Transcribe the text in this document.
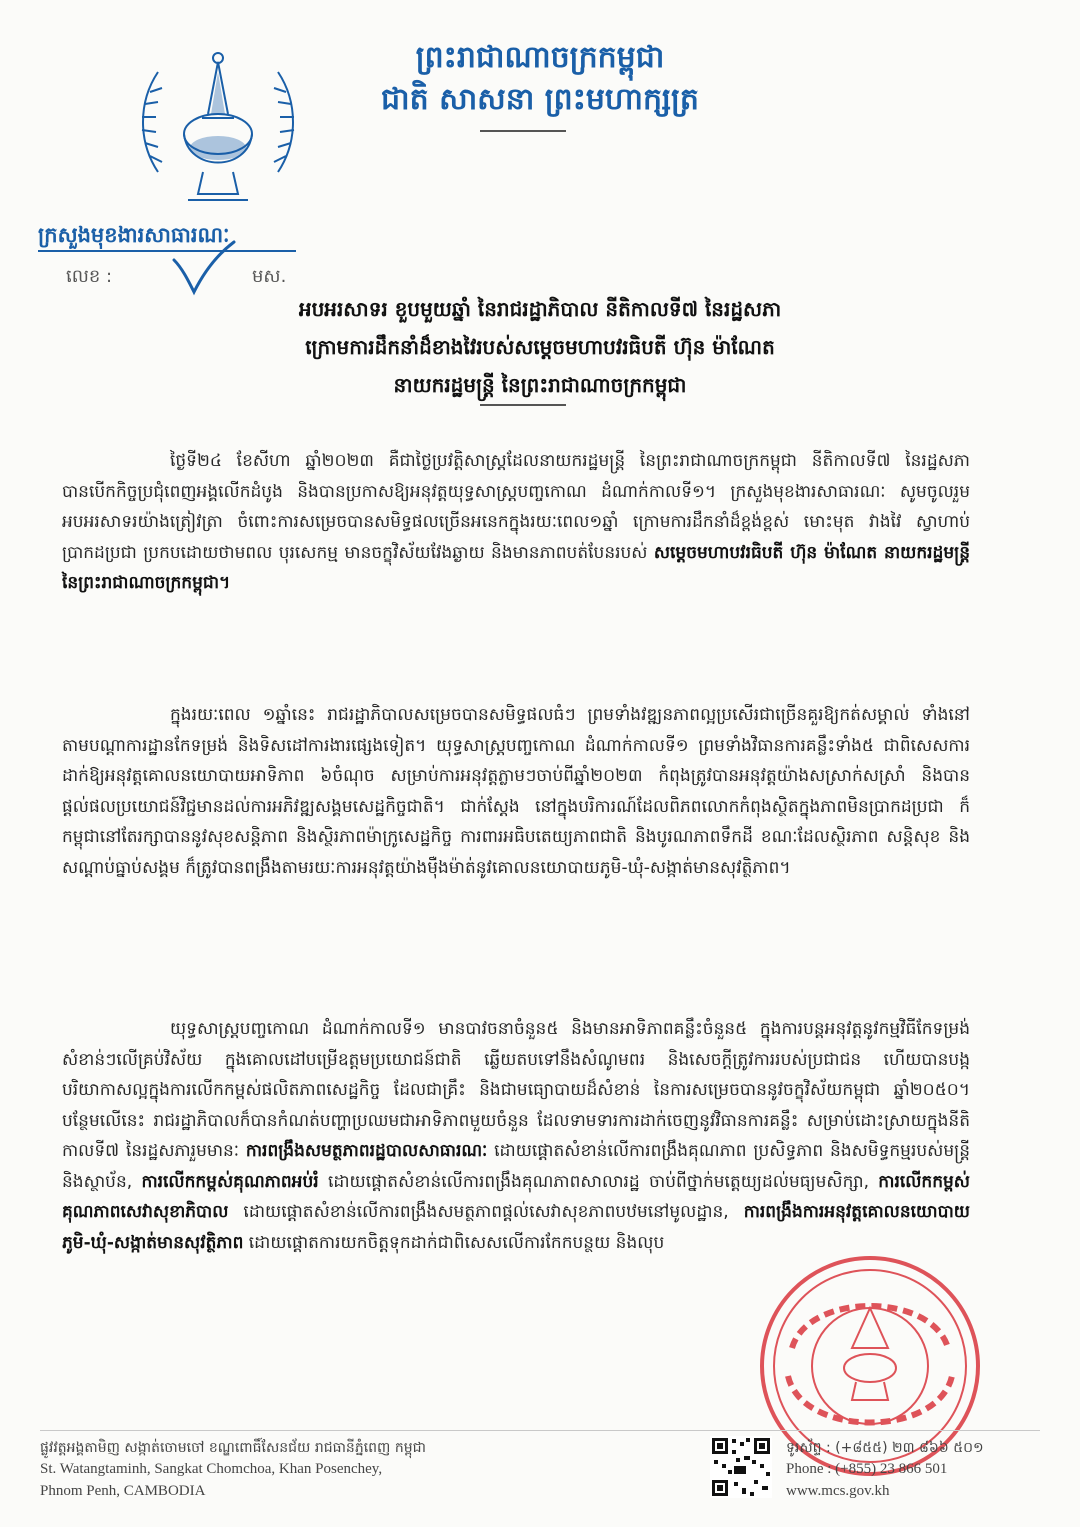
ព្រះរាជាណាចក្រកម្ពុជា
ជាតិ សាសនា ព្រះមហាក្សត្រ
ក្រសួងមុខងារសាធារណៈ
លេខ :	មស.
អបអរសាទរ ខួបមួយឆ្នាំ នៃរាជរដ្ឋាភិបាល នីតិកាលទី៧ នៃរដ្ឋសភា
ក្រោមការដឹកនាំដ៏ខាងវៃរបស់សម្តេចមហាបវរធិបតី ហ៊ុន ម៉ាណែត
នាយករដ្ឋមន្ត្រី នៃព្រះរាជាណាចក្រកម្ពុជា
ថ្ងៃទី២៤ ខែសីហា ឆ្នាំ២០២៣ គឺជាថ្ងៃប្រវត្តិសាស្ត្រដែលនាយករដ្ឋមន្ត្រី នៃព្រះរាជាណាចក្រកម្ពុជា នីតិកាលទី៧ នៃរដ្ឋសភា បានបើកកិច្ចប្រជុំពេញអង្គលើកដំបូង និងបានប្រកាសឱ្យអនុវត្តយុទ្ធសាស្ត្របញ្ចកោណ ដំណាក់កាលទី១។ ក្រសួងមុខងារសាធារណៈ សូមចូលរួមអបអរសាទរយ៉ាងត្រៀវត្រា ចំពោះការសម្រេចបានសមិទ្ធផលច្រើនអនេកក្នុងរយៈពេល១ឆ្នាំ ក្រោមការដឹកនាំដ៏ខ្ពង់ខ្ពស់ មោះមុត វាងវៃ ស្វាហាប់ ប្រាកដប្រជា ប្រកបដោយថាមពល បុរសេកម្ម មានចក្ខុវិស័យវែងឆ្ងាយ និងមានភាពបត់បែនរបស់ សម្តេចមហាបវរធិបតី ហ៊ុន ម៉ាណែត នាយករដ្ឋមន្ត្រី នៃព្រះរាជាណាចក្រកម្ពុជា។
ក្នុងរយៈពេល ១ឆ្នាំនេះ រាជរដ្ឋាភិបាលសម្រេចបានសមិទ្ធផលធំៗ ព្រមទាំងវឌ្ឍនភាពល្អប្រសើរជាច្រើនគួរឱ្យកត់សម្គាល់ ទាំងនៅតាមបណ្តាការដ្ឋានកែទម្រង់ និងទិសដៅការងារផ្សេងទៀត។ យុទ្ធសាស្ត្របញ្ចកោណ ដំណាក់កាលទី១ ព្រមទាំងវិធានការគន្លឹះទាំង៥ ជាពិសេសការដាក់ឱ្យអនុវត្តគោលនយោបាយអាទិភាព ៦ចំណុច សម្រាប់ការអនុវត្តភ្លាមៗចាប់ពីឆ្នាំ២០២៣ កំពុងត្រូវបានអនុវត្តយ៉ាងសស្រាក់សស្រាំ និងបានផ្តល់ផលប្រយោជន៍វិជ្ជមានដល់ការអភិវឌ្ឍសង្គមសេដ្ឋកិច្ចជាតិ។ ជាក់ស្តែង នៅក្នុងបរិការណ៍ដែលពិភពលោកកំពុងស្ថិតក្នុងភាពមិនប្រាកដប្រជា ក៏កម្ពុជានៅតែរក្សាបាននូវសុខសន្តិភាព និងស្ថិរភាពម៉ាក្រូសេដ្ឋកិច្ច ការពារអធិបតេយ្យភាពជាតិ និងបូរណភាពទឹកដី ខណៈដែលស្ថិរភាព សន្តិសុខ និងសណ្តាប់ធ្នាប់សង្គម ក៏ត្រូវបានពង្រឹងតាមរយៈការអនុវត្តយ៉ាងម៉ឺងម៉ាត់នូវគោលនយោបាយភូមិ-ឃុំ-សង្កាត់មានសុវត្ថិភាព។
យុទ្ធសាស្ត្របញ្ចកោណ ដំណាក់កាលទី១ មានបាវចនាចំនួន៥ និងមានអាទិភាពគន្លឹះចំនួន៥ ក្នុងការបន្តអនុវត្តនូវកម្មវិធីកែទម្រង់សំខាន់ៗលើគ្រប់វិស័យ ក្នុងគោលដៅបម្រើឧត្តមប្រយោជន៍ជាតិ ឆ្លើយតបទៅនឹងសំណូមពរ និងសេចក្តីត្រូវការរបស់ប្រជាជន ហើយបានបង្កបរិយាកាសល្អក្នុងការលើកកម្ពស់ផលិតភាពសេដ្ឋកិច្ច ដែលជាគ្រឹះ និងជាមធ្យោបាយដ៏សំខាន់ នៃការសម្រេចបាននូវចក្ខុវិស័យកម្ពុជា ឆ្នាំ២០៥០។ បន្ថែមលើនេះ រាជរដ្ឋាភិបាលក៏បានកំណត់បញ្ហាប្រឈមជាអាទិភាពមួយចំនួន ដែលទាមទារការដាក់ចេញនូវវិធានការគន្លឹះ សម្រាប់ដោះស្រាយក្នុងនីតិកាលទី៧ នៃរដ្ឋសភារួមមានៈ ការពង្រឹងសមត្ថភាពរដ្ឋបាលសាធារណៈ ដោយផ្តោតសំខាន់លើការពង្រឹងគុណភាព ប្រសិទ្ធភាព និងសមិទ្ធកម្មរបស់មន្ត្រី និងស្ថាប័ន, ការលើកកម្ពស់គុណភាពអប់រំ ដោយផ្តោតសំខាន់លើការពង្រឹងគុណភាពសាលារដ្ឋ ចាប់ពីថ្នាក់មត្តេយ្យដល់មធ្យមសិក្សា, ការលើកកម្ពស់គុណភាពសេវាសុខាភិបាល ដោយផ្តោតសំខាន់លើការពង្រឹងសមត្ថភាពផ្តល់សេវាសុខភាពបឋមនៅមូលដ្ឋាន, ការពង្រឹងការអនុវត្តគោលនយោបាយភូមិ-ឃុំ-សង្កាត់មានសុវត្ថិភាព ដោយផ្តោតការយកចិត្តទុកដាក់ជាពិសេសលើការកែកបន្ថយ និងលុប
ផ្លូវវត្តអង្គតាមិញ សង្កាត់ចោមចៅ ខណ្ឌពោធិ៍សែនជ័យ រាជធានីភ្នំពេញ កម្ពុជា
St. Watangtaminh, Sangkat Chomchoa, Khan Posenchey,
Phnom Penh, CAMBODIA
ទូរស័ព្ទ : (+៨៥៥) ២៣ ៨៦៦ ៥០១
Phone : (+855) 23 866 501
www.mcs.gov.kh
